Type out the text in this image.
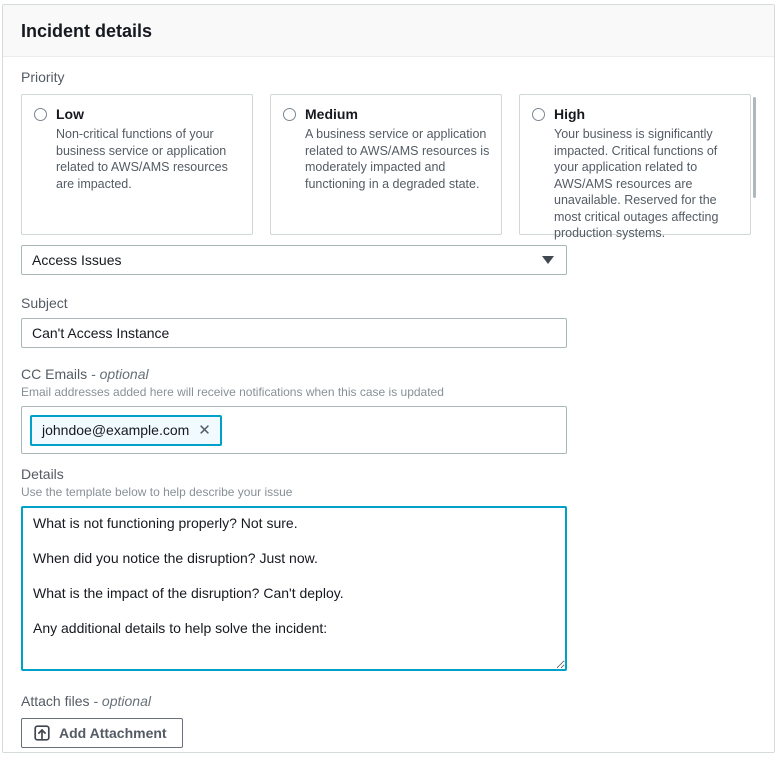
Incident details
Priority
Low
Non-critical functions of your business service or application related to AWS/AMS resources are impacted.
Medium
A business service or application related to AWS/AMS resources is moderately impacted and functioning in a degraded state.
High
Your business is significantly impacted. Critical functions of your application related to AWS/AMS resources are unavailable. Reserved for the most critical outages affecting production systems.
Access Issues
Subject
Can't Access Instance
CC Emails - optional
Email addresses added here will receive notifications when this case is updated
johndoe@example.com ✕
Details
Use the template below to help describe your issue
What is not functioning properly? Not sure. When did you notice the disruption? Just now. What is the impact of the disruption? Can't deploy. Any additional details to help solve the incident:
Attach files - optional
Add Attachment
